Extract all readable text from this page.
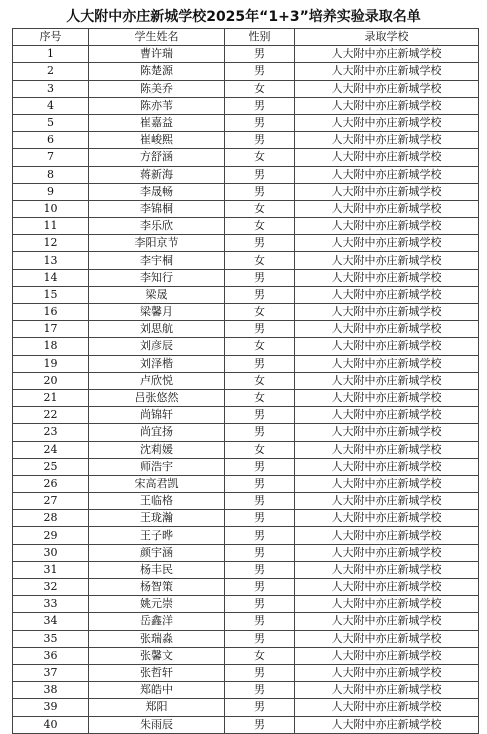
人大附中亦庄新城学校2025年“1+3”培养实验录取名单
序号	学生姓名	性别	录取学校
1	曹许瑞	男	人大附中亦庄新城学校
2	陈楚源	男	人大附中亦庄新城学校
3	陈美乔	女	人大附中亦庄新城学校
4	陈亦苇	男	人大附中亦庄新城学校
5	崔嘉益	男	人大附中亦庄新城学校
6	崔峻熙	男	人大附中亦庄新城学校
7	方舒涵	女	人大附中亦庄新城学校
8	蒋新海	男	人大附中亦庄新城学校
9	李晟畅	男	人大附中亦庄新城学校
10	李锦桐	女	人大附中亦庄新城学校
11	李乐欣	女	人大附中亦庄新城学校
12	李阳京节	男	人大附中亦庄新城学校
13	李宇桐	女	人大附中亦庄新城学校
14	李知行	男	人大附中亦庄新城学校
15	梁晟	男	人大附中亦庄新城学校
16	梁馨月	女	人大附中亦庄新城学校
17	刘思航	男	人大附中亦庄新城学校
18	刘彦辰	女	人大附中亦庄新城学校
19	刘泽楷	男	人大附中亦庄新城学校
20	卢欣悦	女	人大附中亦庄新城学校
21	吕张悠然	女	人大附中亦庄新城学校
22	尚锦轩	男	人大附中亦庄新城学校
23	尚宜扬	男	人大附中亦庄新城学校
24	沈莉媛	女	人大附中亦庄新城学校
25	师浩宇	男	人大附中亦庄新城学校
26	宋高君凯	男	人大附中亦庄新城学校
27	王临格	男	人大附中亦庄新城学校
28	王珑瀚	男	人大附中亦庄新城学校
29	王子晔	男	人大附中亦庄新城学校
30	颜宇涵	男	人大附中亦庄新城学校
31	杨丰民	男	人大附中亦庄新城学校
32	杨智策	男	人大附中亦庄新城学校
33	姚元崇	男	人大附中亦庄新城学校
34	岳鑫洋	男	人大附中亦庄新城学校
35	张瑞淼	男	人大附中亦庄新城学校
36	张馨文	女	人大附中亦庄新城学校
37	张哲轩	男	人大附中亦庄新城学校
38	郑皓中	男	人大附中亦庄新城学校
39	郑阳	男	人大附中亦庄新城学校
40	朱雨辰	男	人大附中亦庄新城学校
